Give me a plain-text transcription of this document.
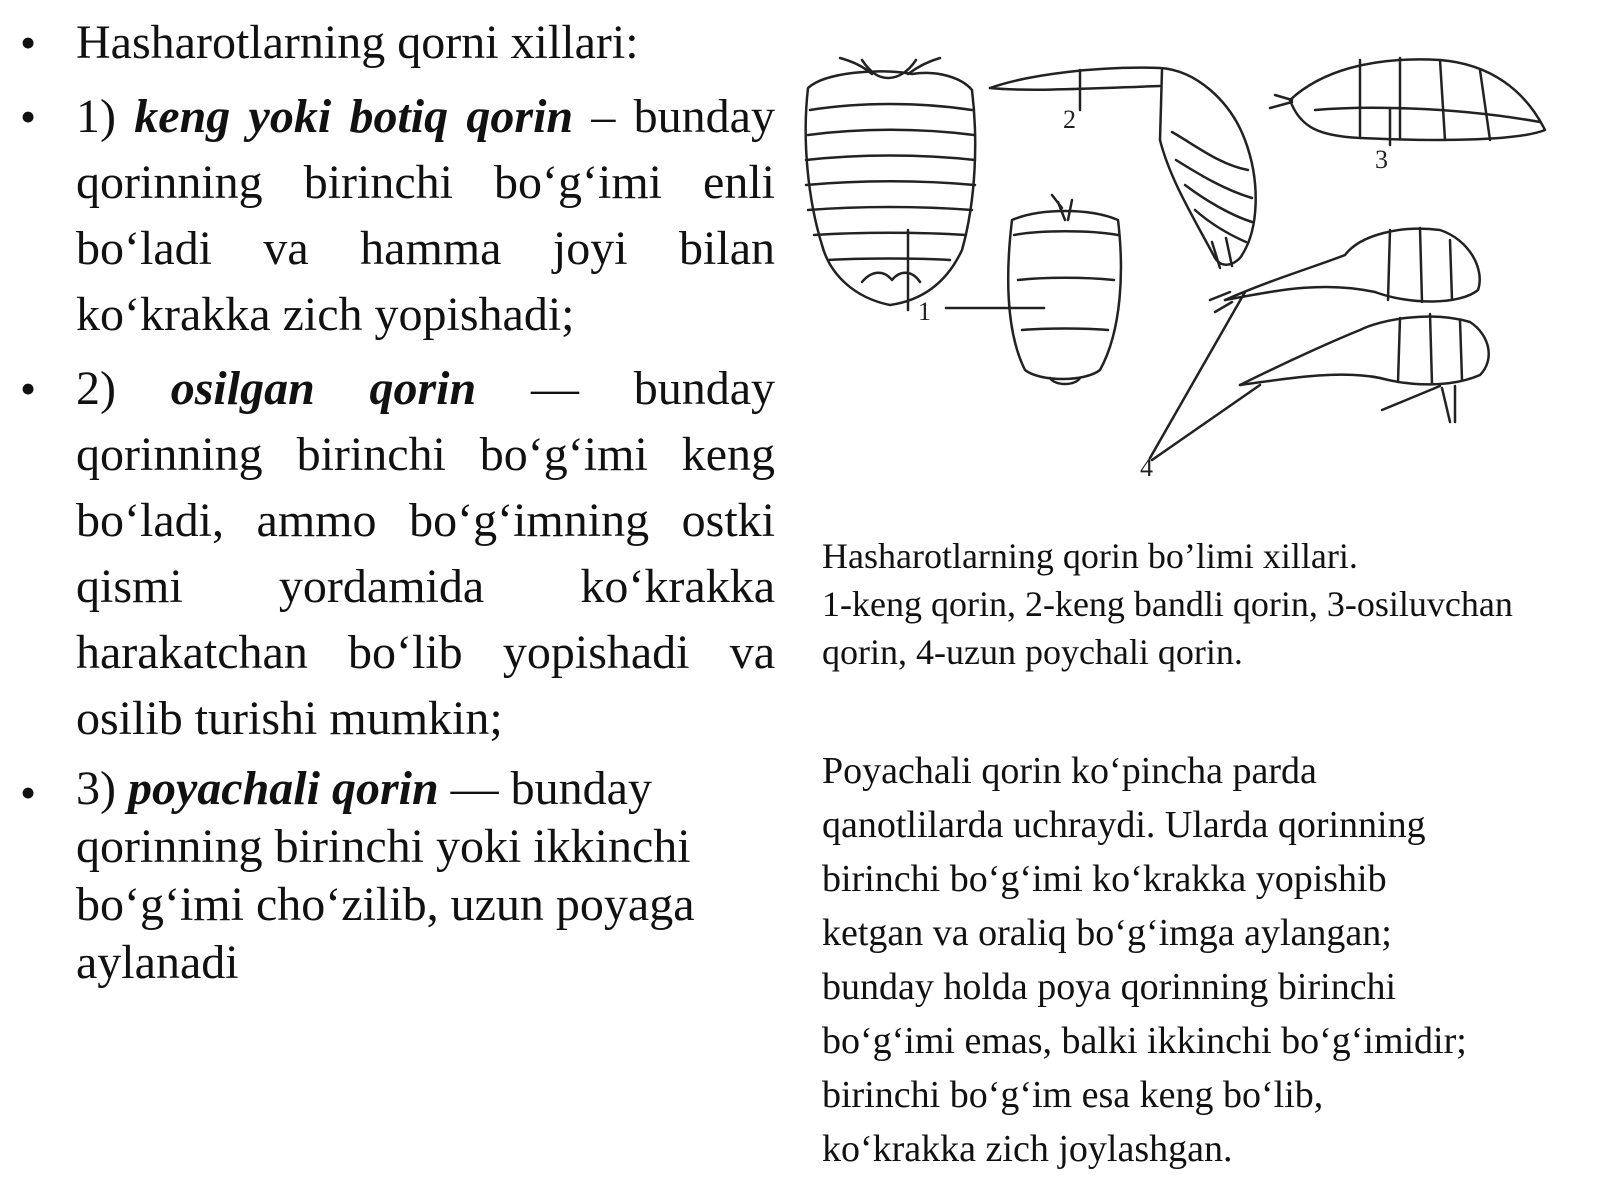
• Hasharotlarning qorni xillari:
• 1) keng yoki botiq qorin – bunday qorinning birinchi bo‘g‘imi enli bo‘ladi va hamma joyi bilan ko‘krakka zich yopishadi;
• 2) osilgan qorin — bunday qorinning birinchi bo‘g‘imi keng bo‘ladi, ammo bo‘g‘imning ostki qismi yordamida ko‘krakka harakatchan bo‘lib yopishadi va osilib turishi mumkin;
• 3) poyachali qorin — bunday qorinning birinchi yoki ikkinchi bo‘g‘imi cho‘zilib, uzun poyaga aylanadi
1
2
3
4
Hasharotlarning qorin bo’limi xillari.
1-keng qorin, 2-keng bandli qorin, 3-osiluvchan
qorin, 4-uzun poychali qorin.
Poyachali qorin ko‘pincha parda
qanotlilarda uchraydi. Ularda qorinning
birinchi bo‘g‘imi ko‘krakka yopishib
ketgan va oraliq bo‘g‘imga aylangan;
bunday holda poya qorinning birinchi
bo‘g‘imi emas, balki ikkinchi bo‘g‘imidir;
birinchi bo‘g‘im esa keng bo‘lib,
ko‘krakka zich joylashgan.
